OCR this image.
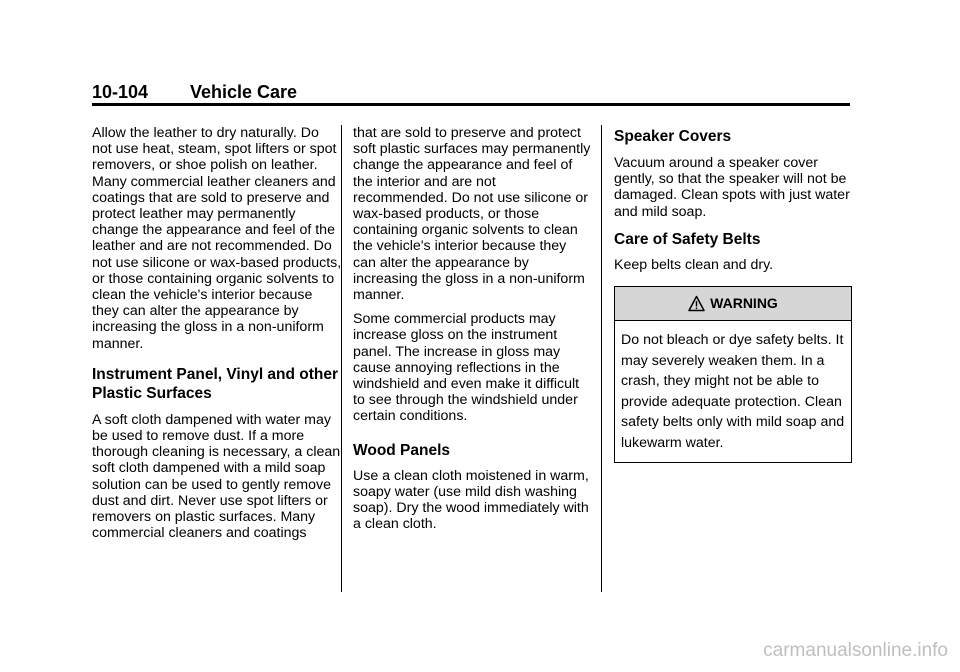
10-104 Vehicle Care

Allow the leather to dry naturally. Do not use heat, steam, spot lifters or spot removers, or shoe polish on leather. Many commercial leather cleaners and coatings that are sold to preserve and protect leather may permanently change the appearance and feel of the leather and are not recommended. Do not use silicone or wax-based products, or those containing organic solvents to clean the vehicle's interior because they can alter the appearance by increasing the gloss in a non-uniform manner.

Instrument Panel, Vinyl and other Plastic Surfaces

A soft cloth dampened with water may be used to remove dust. If a more thorough cleaning is necessary, a clean soft cloth dampened with a mild soap solution can be used to gently remove dust and dirt. Never use spot lifters or removers on plastic surfaces. Many commercial cleaners and coatings

that are sold to preserve and protect soft plastic surfaces may permanently change the appearance and feel of the interior and are not recommended. Do not use silicone or wax-based products, or those containing organic solvents to clean the vehicle's interior because they can alter the appearance by increasing the gloss in a non-uniform manner.

Some commercial products may increase gloss on the instrument panel. The increase in gloss may cause annoying reflections in the windshield and even make it difficult to see through the windshield under certain conditions.

Wood Panels

Use a clean cloth moistened in warm, soapy water (use mild dish washing soap). Dry the wood immediately with a clean cloth.

Speaker Covers

Vacuum around a speaker cover gently, so that the speaker will not be damaged. Clean spots with just water and mild soap.

Care of Safety Belts

Keep belts clean and dry.

WARNING
Do not bleach or dye safety belts. It may severely weaken them. In a crash, they might not be able to provide adequate protection. Clean safety belts only with mild soap and lukewarm water.
carmanualsonline.info
